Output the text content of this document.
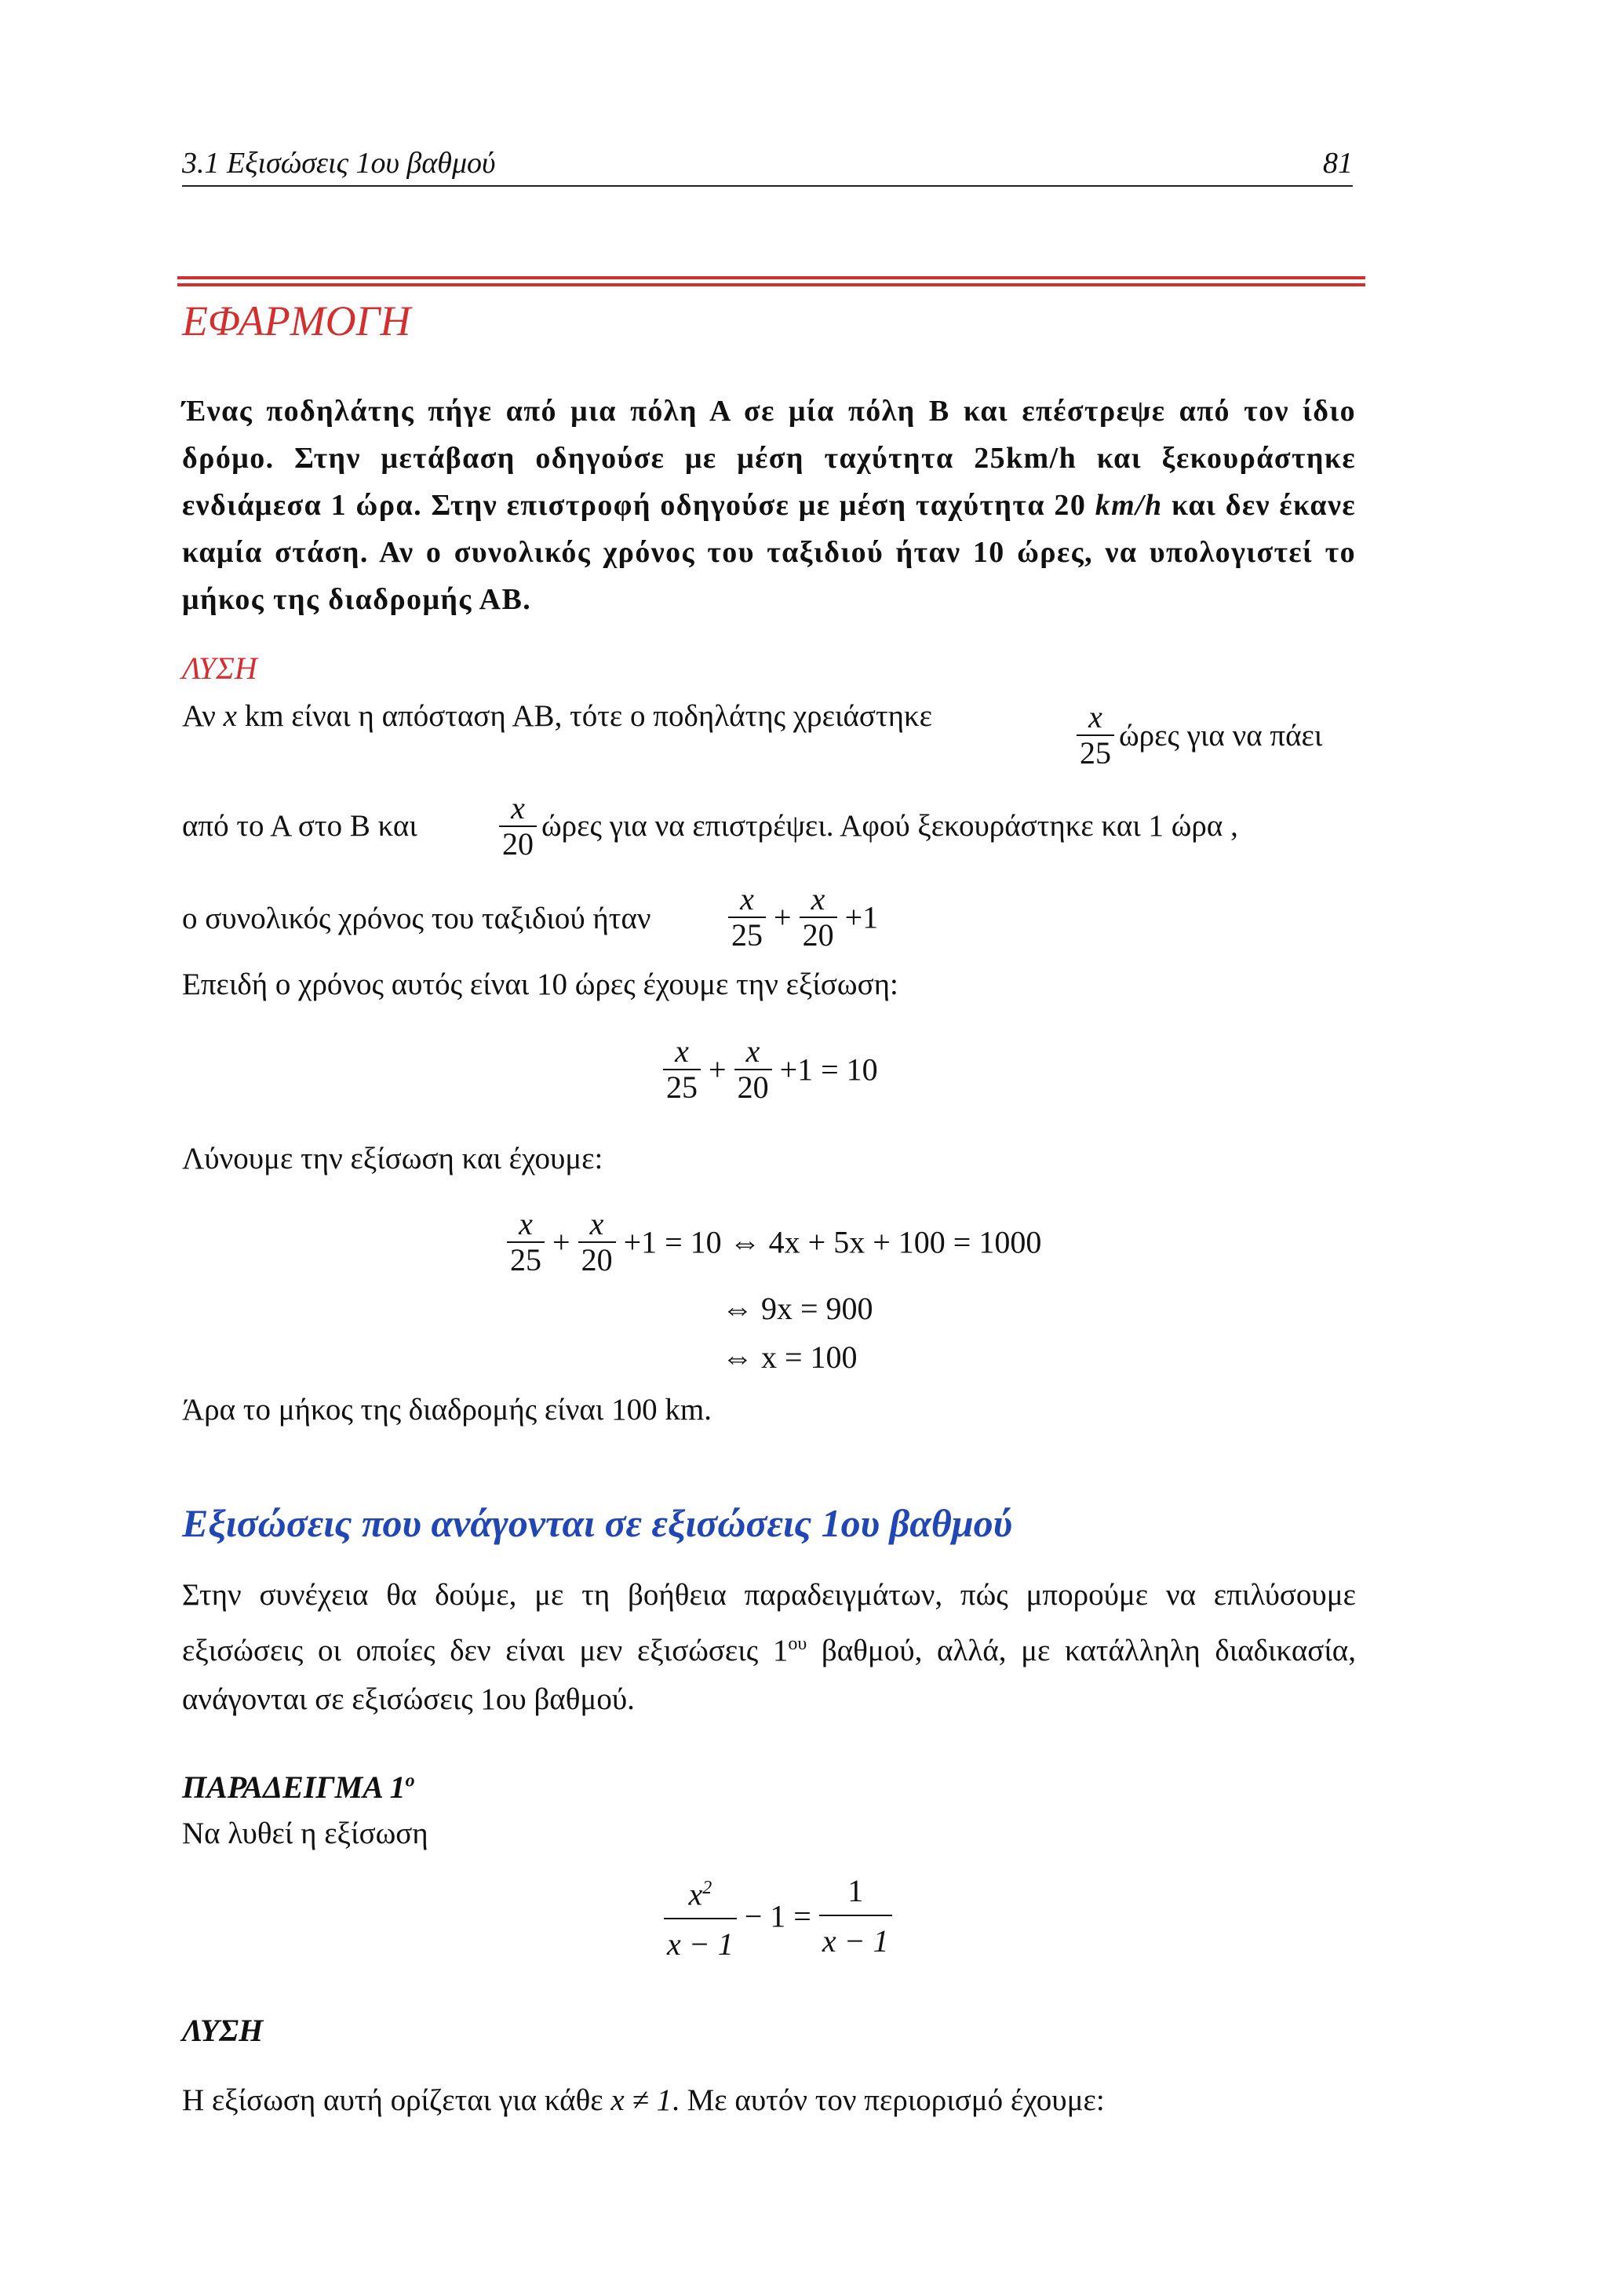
3.1 Εξισώσεις 1ου βαθμού	81
ΕΦΑΡΜΟΓΗ

Ένας ποδηλάτης πήγε από μια πόλη Α σε μία πόλη Β και επέστρεψε από τον ίδιο δρόμο. Στην μετάβαση οδηγούσε με μέση ταχύτητα 25km/h και ξεκουράστηκε ενδιάμεσα 1 ώρα. Στην επιστροφή οδηγούσε με μέση ταχύτητα 20 km/h και δεν έκανε καμία στάση. Αν ο συνολικός χρόνος του ταξιδιού ήταν 10 ώρες, να υπολογιστεί το μήκος της διαδρομής ΑΒ.

ΛΥΣΗ
Αν x km είναι η απόσταση ΑΒ, τότε ο ποδηλάτης χρειάστηκε	$\frac{x}{25}$ ώρες για να πάει
από το Α στο Β και	$\frac{x}{20}$ ώρες για να επιστρέψει. Αφού ξεκουράστηκε και 1 ώρα ,
ο συνολικός χρόνος του ταξιδιού ήταν	$\frac{x}{25} + \frac{x}{20} +1$
Επειδή ο χρόνος αυτός είναι 10 ώρες έχουμε την εξίσωση:
$\frac{x}{25} + \frac{x}{20} +1 = 10$
Λύνουμε την εξίσωση και έχουμε:
$\frac{x}{25} + \frac{x}{20} +1 = 10$ ⇔ 4x + 5x + 100 = 1000
⇔ 9x = 900
⇔ x = 100
Άρα το μήκος της διαδρομής είναι 100 km.
Εξισώσεις που ανάγονται σε εξισώσεις 1ου βαθμού

Στην συνέχεια θα δούμε, με τη βοήθεια παραδειγμάτων, πώς μπορούμε να επιλύσουμε εξισώσεις οι οποίες δεν είναι μεν εξισώσεις $1^{o\upsilon}$ βαθμού, αλλά, με κατάλληλη διαδικασία, ανάγονται σε εξισώσεις 1ου βαθμού.

ΠΑΡΑΔΕΙΓΜΑ $1^o$
Να λυθεί η εξίσωση
$\frac{x^2}{x - 1} - 1 = \frac{1}{x - 1}$
ΛΥΣΗ
Η εξίσωση αυτή ορίζεται για κάθε x ≠ 1. Με αυτόν τον περιορισμό έχουμε:
